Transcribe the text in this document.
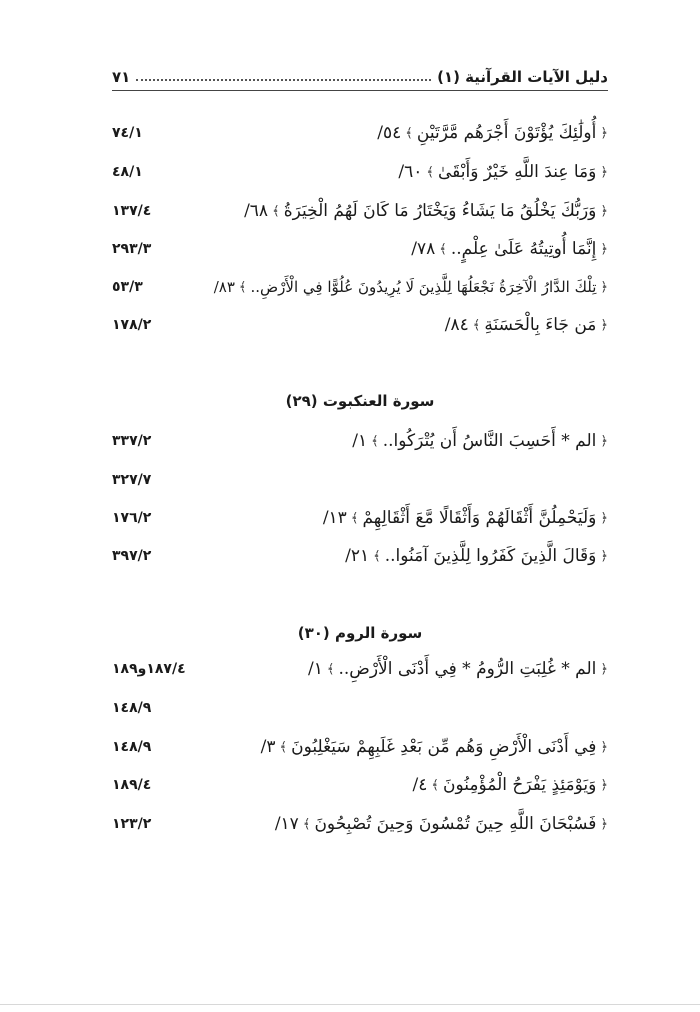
دليل الآيات القرآنية (١)
٧١
﴿
أُولَٰئِكَ يُؤْتَوْنَ أَجْرَهُم مَّرَّتَيْنِ
﴾
٥٤/
٧٤/١
﴿
وَمَا عِندَ اللَّهِ خَيْرٌ وَأَبْقَىٰ
﴾
٦٠/
٤٨/١
﴿
وَرَبُّكَ يَخْلُقُ مَا يَشَاءُ وَيَخْتَارُ مَا كَانَ لَهُمُ الْخِيَرَةُ
﴾
٦٨/
١٣٧/٤
﴿
إِنَّمَا أُوتِيتُهُ عَلَىٰ عِلْمٍ..
﴾
٧٨/
٢٩٣/٣
﴿
تِلْكَ الدَّارُ الْآخِرَةُ نَجْعَلُهَا لِلَّذِينَ لَا يُرِيدُونَ عُلُوًّا فِي الْأَرْضِ..
﴾
٨٣/
٥٣/٣
﴿
مَن جَاءَ بِالْحَسَنَةِ
﴾
٨٤/
١٧٨/٢
سورة العنكبوت (٢٩)
﴿
الم * أَحَسِبَ النَّاسُ أَن يُتْرَكُوا..
﴾
١/
٣٣٧/٢
٣٢٧/٧
﴿
وَلَيَحْمِلُنَّ أَثْقَالَهُمْ وَأَثْقَالًا مَّعَ أَثْقَالِهِمْ
﴾
١٣/
١٧٦/٢
﴿
وَقَالَ الَّذِينَ كَفَرُوا لِلَّذِينَ آمَنُوا..
﴾
٢١/
٣٩٧/٢
سورة الروم (٣٠)
﴿
الم * غُلِبَتِ الرُّومُ * فِي أَدْنَى الْأَرْضِ..
﴾
١/
١٨٧/٤و١٨٩
١٤٨/٩
﴿
فِي أَدْنَى الْأَرْضِ وَهُم مِّن بَعْدِ غَلَبِهِمْ سَيَغْلِبُونَ
﴾
٣/
١٤٨/٩
﴿
وَيَوْمَئِذٍ يَفْرَحُ الْمُؤْمِنُونَ
﴾
٤/
١٨٩/٤
﴿
فَسُبْحَانَ اللَّهِ حِينَ تُمْسُونَ وَحِينَ تُصْبِحُونَ
﴾
١٧/
١٢٣/٢
